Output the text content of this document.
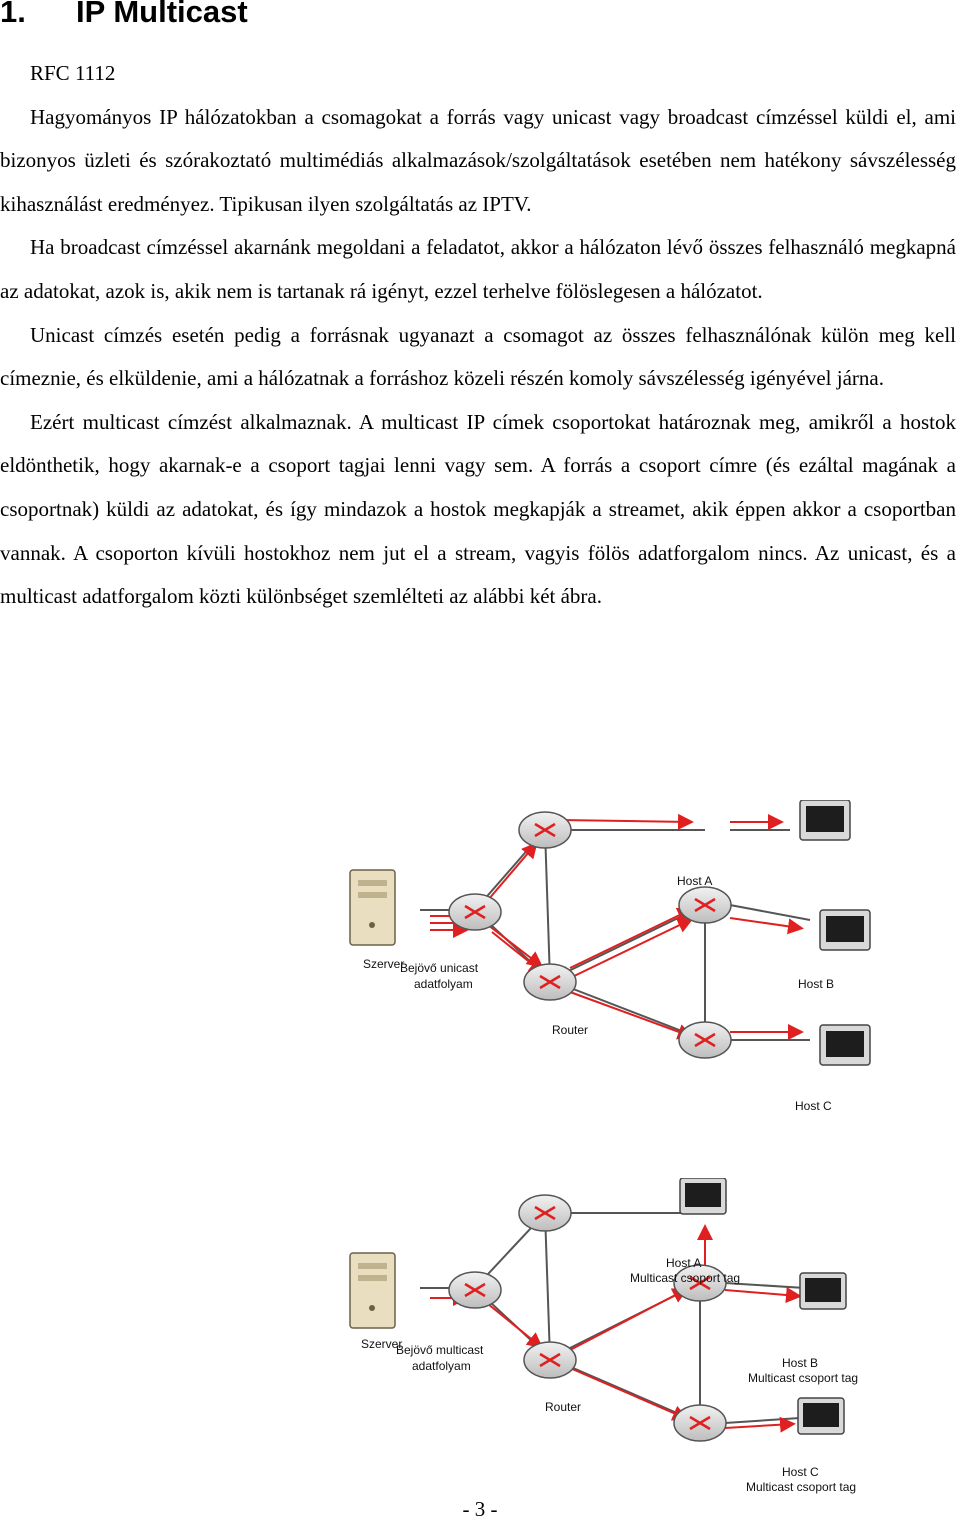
1. IP Multicast

RFC 1112

Hagyományos IP hálózatokban a csomagokat a forrás vagy unicast vagy broadcast címzéssel küldi el, ami bizonyos üzleti és szórakoztató multimédiás alkalmazások/szolgáltatások esetében nem hatékony sávszélesség kihasználást eredményez. Tipikusan ilyen szolgáltatás az IPTV.

Ha broadcast címzéssel akarnánk megoldani a feladatot, akkor a hálózaton lévő összes felhasználó megkapná az adatokat, azok is, akik nem is tartanak rá igényt, ezzel terhelve fölöslegesen a hálózatot.

Unicast címzés esetén pedig a forrásnak ugyanazt a csomagot az összes felhasználónak külön meg kell címeznie, és elküldenie, ami a hálózatnak a forráshoz közeli részén komoly sávszélesség igényével járna.

Ezért multicast címzést alkalmaznak. A multicast IP címek csoportokat határoznak meg, amikről a hostok eldönthetik, hogy akarnak-e a csoport tagjai lenni vagy sem. A forrás a csoport címre (és ezáltal magának a csoportnak) küldi az adatokat, és így mindazok a hostok megkapják a streamet, akik éppen akkor a csoportban vannak. A csoporton kívüli hostokhoz nem jut el a stream, vagyis fölös adatforgalom nincs. Az unicast, és a multicast adatforgalom közti különbséget szemlélteti az alábbi két ábra.

Szerver
Bejövő unicast
adatfolyam
Router
Host A
Host B
Host C
Szerver
Bejövő multicast
adatfolyam
Router
Host A
Multicast csoport tag
Host B
Multicast csoport tag
Host C
Multicast csoport tag
- 3 -
